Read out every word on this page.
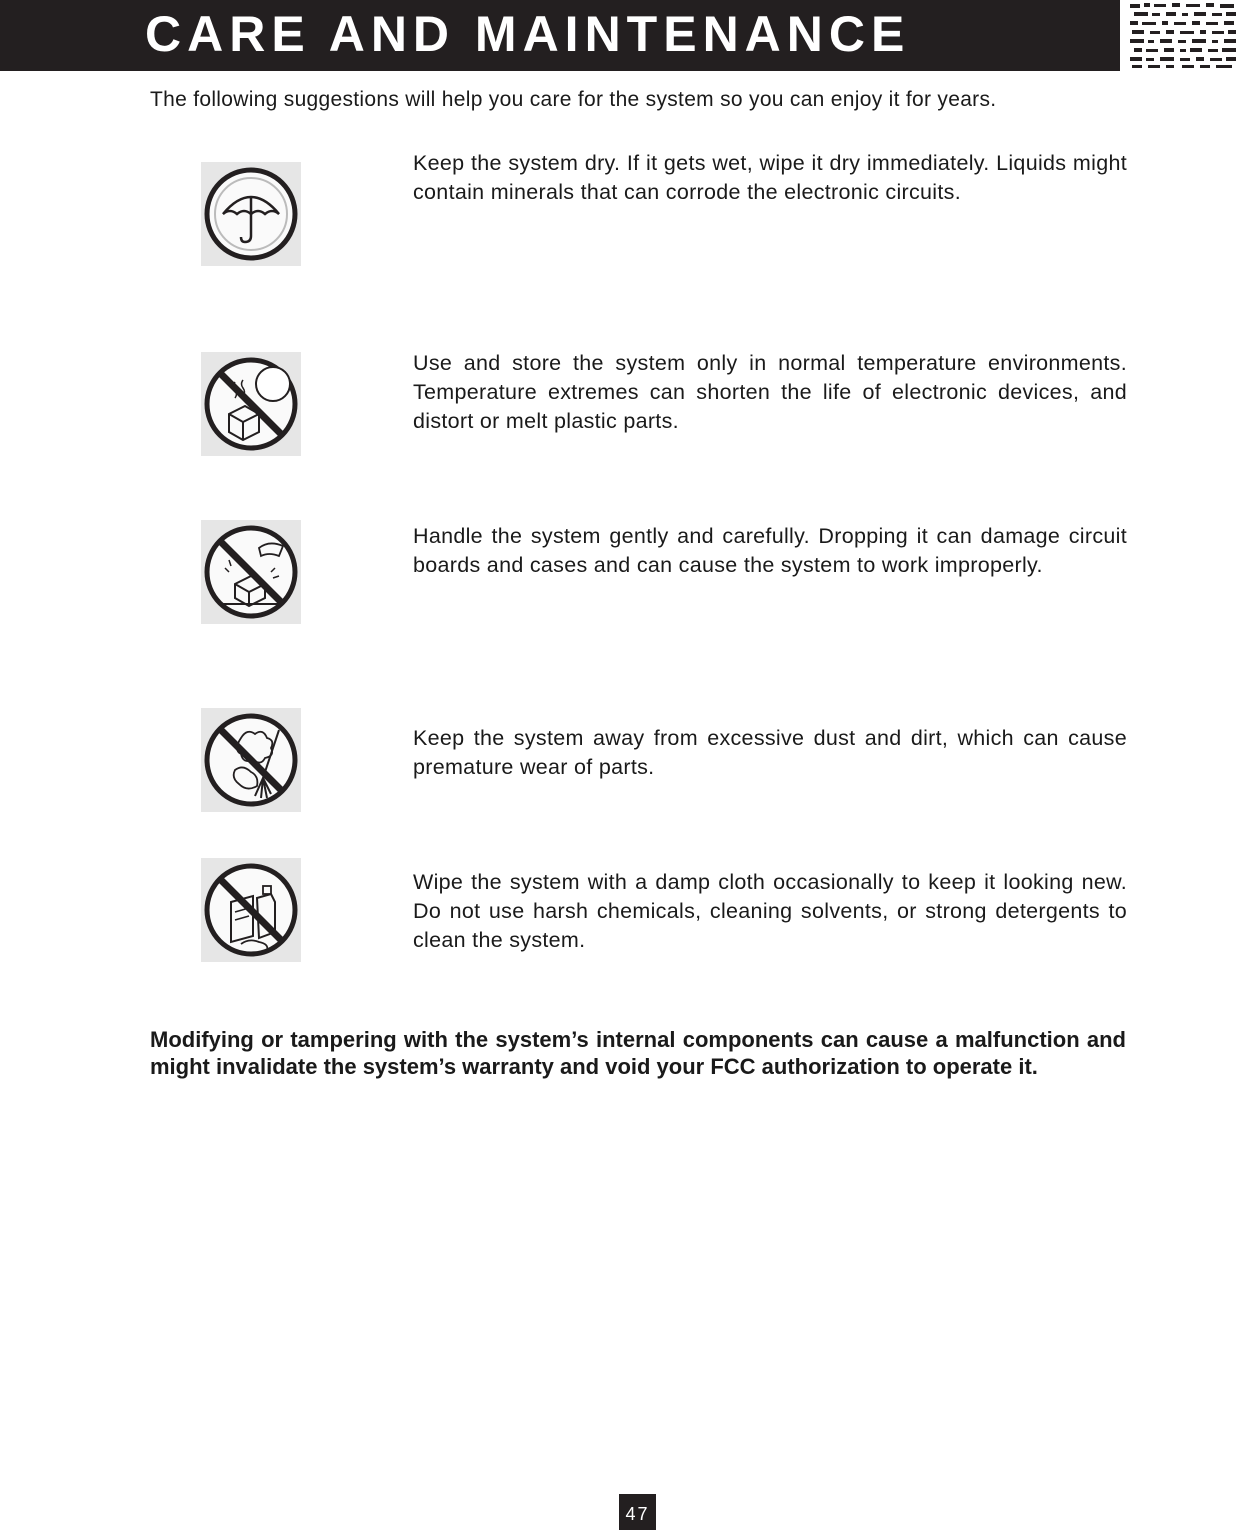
CARE AND MAINTENANCE

The following suggestions will help you care for the system so you can enjoy it for years.

Keep the system dry. If it gets wet, wipe it dry immediately. Liquids might contain minerals that can corrode the electronic circuits.

Use and store the system only in normal temperature environments. Temperature extremes can shorten the life of electronic devices, and distort or melt plastic parts.

Handle the system gently and carefully. Dropping it can damage circuit boards and cases and can cause the system to work improperly.

Keep the system away from excessive dust and dirt, which can cause premature wear of parts.

Wipe the system with a damp cloth occasionally to keep it looking new. Do not use harsh chemicals, cleaning solvents, or strong detergents to clean the system.

Modifying or tampering with the system’s internal components can cause a malfunction and might invalidate the system’s warranty and void your FCC authorization to operate it.

47
